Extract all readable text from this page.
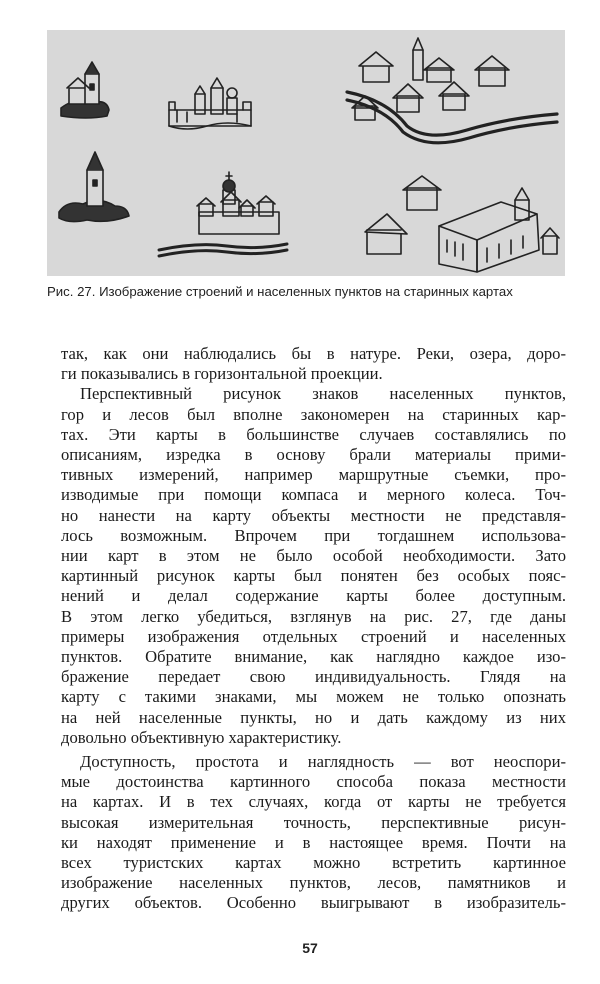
Рис. 27. Изображение строений и населенных пунктов на старинных картах
так, как они наблюдались бы в натуре. Реки, озера, доро-
ги показывались в горизонтальной проекции.
Перспективный рисунок знаков населенных пунктов,
гор и лесов был вполне закономерен на старинных кар-
тах. Эти карты в большинстве случаев составлялись по
описаниям, изредка в основу брали материалы прими-
тивных измерений, например маршрутные съемки, про-
изводимые при помощи компаса и мерного колеса. Точ-
но нанести на карту объекты местности не представля-
лось возможным. Впрочем при тогдашнем использова-
нии карт в этом не было особой необходимости. Зато
картинный рисунок карты был понятен без особых пояс-
нений и делал содержание карты более доступным.
В этом легко убедиться, взглянув на рис. 27, где даны
примеры изображения отдельных строений и населенных
пунктов. Обратите внимание, как наглядно каждое изо-
бражение передает свою индивидуальность. Глядя на
карту с такими знаками, мы можем не только опознать
на ней населенные пункты, но и дать каждому из них
довольно объективную характеристику.
Доступность, простота и наглядность — вот неоспори-
мые достоинства картинного способа показа местности
на картах. И в тех случаях, когда от карты не требуется
высокая измерительная точность, перспективные рисун-
ки находят применение и в настоящее время. Почти на
всех туристских картах можно встретить картинное
изображение населенных пунктов, лесов, памятников и
других объектов. Особенно выигрывают в изобразитель-
57
